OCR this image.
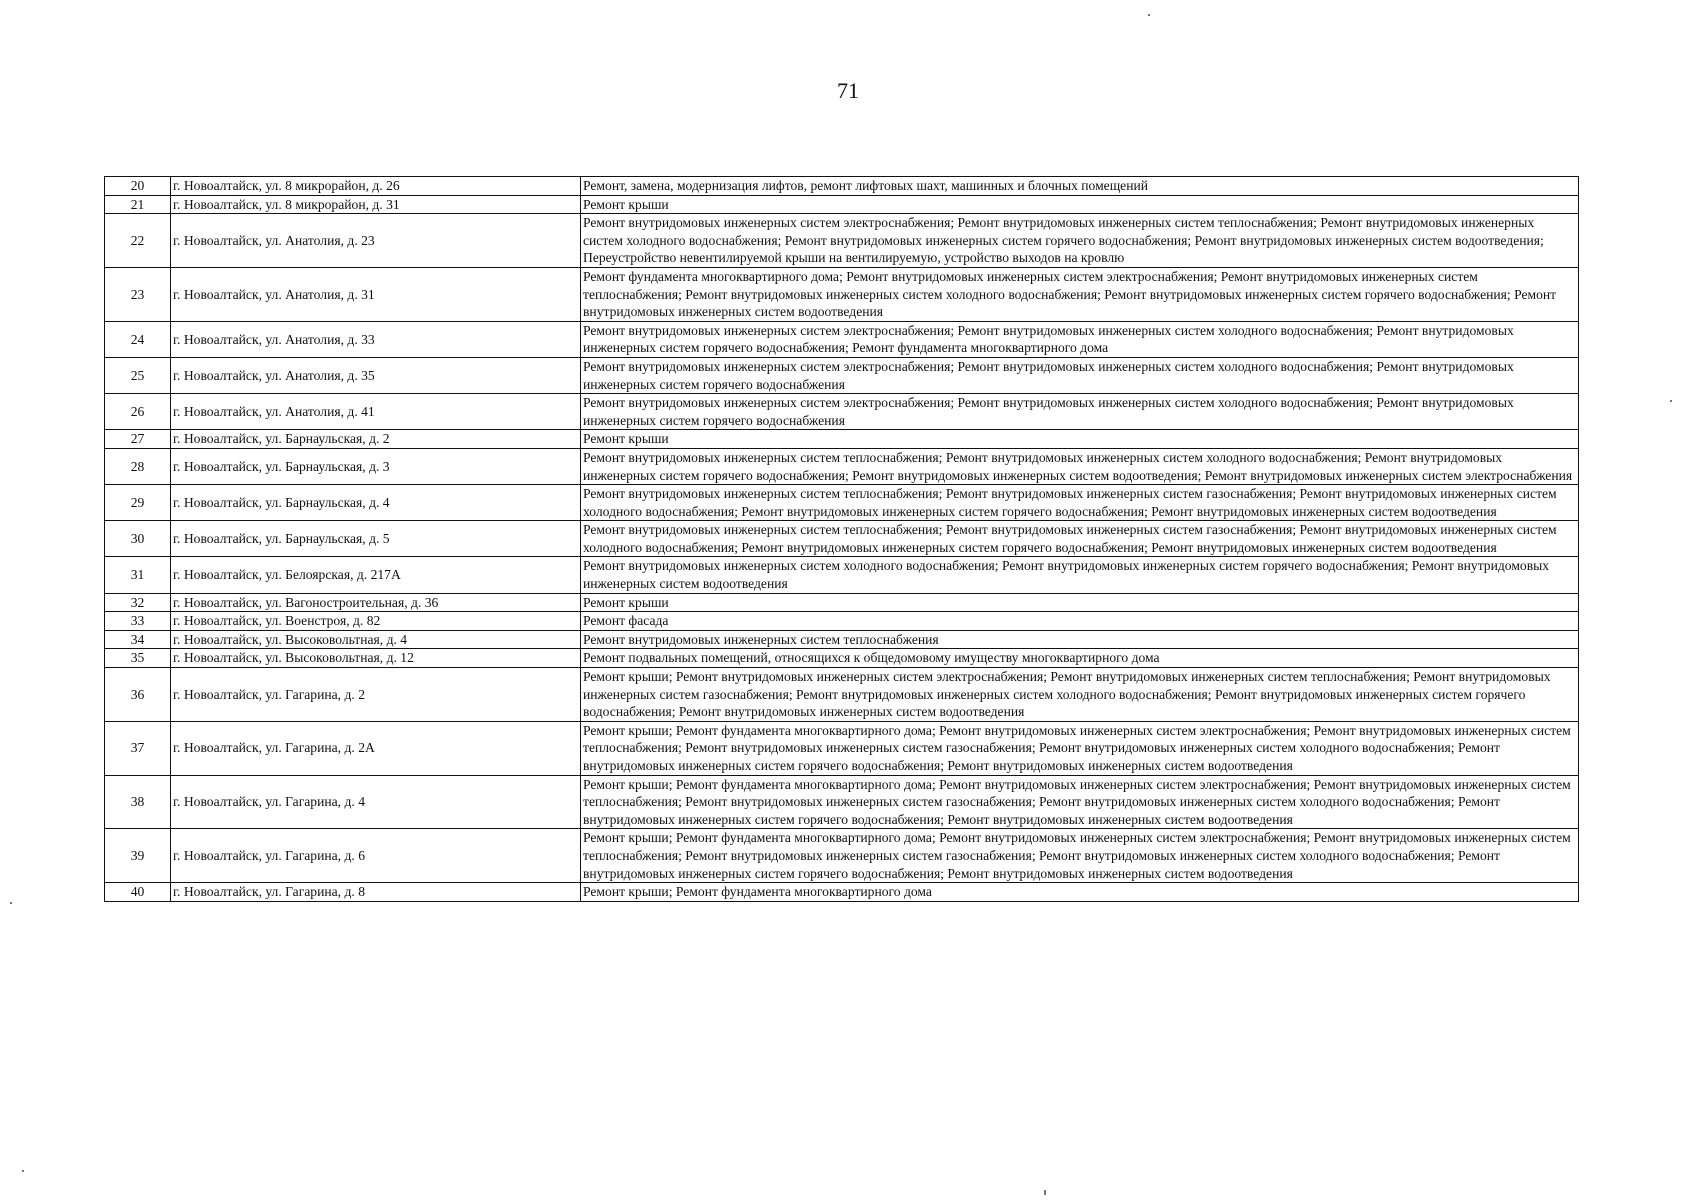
71
20	г. Новоалтайск, ул. 8 микрорайон, д. 26	Ремонт, замена, модернизация лифтов, ремонт лифтовых шахт, машинных и блочных помещений
21	г. Новоалтайск, ул. 8 микрорайон, д. 31	Ремонт крыши
22	г. Новоалтайск, ул. Анатолия, д. 23	Ремонт внутридомовых инженерных систем электроснабжения; Ремонт внутридомовых инженерных систем теплоснабжения; Ремонт внутридомовых инженерных систем холодного водоснабжения; Ремонт внутридомовых инженерных систем горячего водоснабжения; Ремонт внутридомовых инженерных систем водоотведения; Переустройство невентилируемой крыши на вентилируемую, устройство выходов на кровлю
23	г. Новоалтайск, ул. Анатолия, д. 31	Ремонт фундамента многоквартирного дома; Ремонт внутридомовых инженерных систем электроснабжения; Ремонт внутридомовых инженерных систем теплоснабжения; Ремонт внутридомовых инженерных систем холодного водоснабжения; Ремонт внутридомовых инженерных систем горячего водоснабжения; Ремонт внутридомовых инженерных систем водоотведения
24	г. Новоалтайск, ул. Анатолия, д. 33	Ремонт внутридомовых инженерных систем электроснабжения; Ремонт внутридомовых инженерных систем холодного водоснабжения; Ремонт внутридомовых инженерных систем горячего водоснабжения; Ремонт фундамента многоквартирного дома
25	г. Новоалтайск, ул. Анатолия, д. 35	Ремонт внутридомовых инженерных систем электроснабжения; Ремонт внутридомовых инженерных систем холодного водоснабжения; Ремонт внутридомовых инженерных систем горячего водоснабжения
26	г. Новоалтайск, ул. Анатолия, д. 41	Ремонт внутридомовых инженерных систем электроснабжения; Ремонт внутридомовых инженерных систем холодного водоснабжения; Ремонт внутридомовых инженерных систем горячего водоснабжения
27	г. Новоалтайск, ул. Барнаульская, д. 2	Ремонт крыши
28	г. Новоалтайск, ул. Барнаульская, д. 3	Ремонт внутридомовых инженерных систем теплоснабжения; Ремонт внутридомовых инженерных систем холодного водоснабжения; Ремонт внутридомовых инженерных систем горячего водоснабжения; Ремонт внутридомовых инженерных систем водоотведения; Ремонт внутридомовых инженерных систем электроснабжения
29	г. Новоалтайск, ул. Барнаульская, д. 4	Ремонт внутридомовых инженерных систем теплоснабжения; Ремонт внутридомовых инженерных систем газоснабжения; Ремонт внутридомовых инженерных систем холодного водоснабжения; Ремонт внутридомовых инженерных систем горячего водоснабжения; Ремонт внутридомовых инженерных систем водоотведения
30	г. Новоалтайск, ул. Барнаульская, д. 5	Ремонт внутридомовых инженерных систем теплоснабжения; Ремонт внутридомовых инженерных систем газоснабжения; Ремонт внутридомовых инженерных систем холодного водоснабжения; Ремонт внутридомовых инженерных систем горячего водоснабжения; Ремонт внутридомовых инженерных систем водоотведения
31	г. Новоалтайск, ул. Белоярская, д. 217А	Ремонт внутридомовых инженерных систем холодного водоснабжения; Ремонт внутридомовых инженерных систем горячего водоснабжения; Ремонт внутридомовых инженерных систем водоотведения
32	г. Новоалтайск, ул. Вагоностроительная, д. 36	Ремонт крыши
33	г. Новоалтайск, ул. Военстроя, д. 82	Ремонт фасада
34	г. Новоалтайск, ул. Высоковольтная, д. 4	Ремонт внутридомовых инженерных систем теплоснабжения
35	г. Новоалтайск, ул. Высоковольтная, д. 12	Ремонт подвальных помещений, относящихся к общедомовому имуществу многоквартирного дома
36	г. Новоалтайск, ул. Гагарина, д. 2	Ремонт крыши; Ремонт внутридомовых инженерных систем электроснабжения; Ремонт внутридомовых инженерных систем теплоснабжения; Ремонт внутридомовых инженерных систем газоснабжения; Ремонт внутридомовых инженерных систем холодного водоснабжения; Ремонт внутридомовых инженерных систем горячего водоснабжения; Ремонт внутридомовых инженерных систем водоотведения
37	г. Новоалтайск, ул. Гагарина, д. 2А	Ремонт крыши; Ремонт фундамента многоквартирного дома; Ремонт внутридомовых инженерных систем электроснабжения; Ремонт внутридомовых инженерных систем теплоснабжения; Ремонт внутридомовых инженерных систем газоснабжения; Ремонт внутридомовых инженерных систем холодного водоснабжения; Ремонт внутридомовых инженерных систем горячего водоснабжения; Ремонт внутридомовых инженерных систем водоотведения
38	г. Новоалтайск, ул. Гагарина, д. 4	Ремонт крыши; Ремонт фундамента многоквартирного дома; Ремонт внутридомовых инженерных систем электроснабжения; Ремонт внутридомовых инженерных систем теплоснабжения; Ремонт внутридомовых инженерных систем газоснабжения; Ремонт внутридомовых инженерных систем холодного водоснабжения; Ремонт внутридомовых инженерных систем горячего водоснабжения; Ремонт внутридомовых инженерных систем водоотведения
39	г. Новоалтайск, ул. Гагарина, д. 6	Ремонт крыши; Ремонт фундамента многоквартирного дома; Ремонт внутридомовых инженерных систем электроснабжения; Ремонт внутридомовых инженерных систем теплоснабжения; Ремонт внутридомовых инженерных систем газоснабжения; Ремонт внутридомовых инженерных систем холодного водоснабжения; Ремонт внутридомовых инженерных систем горячего водоснабжения; Ремонт внутридомовых инженерных систем водоотведения
40	г. Новоалтайск, ул. Гагарина, д. 8	Ремонт крыши; Ремонт фундамента многоквартирного дома
